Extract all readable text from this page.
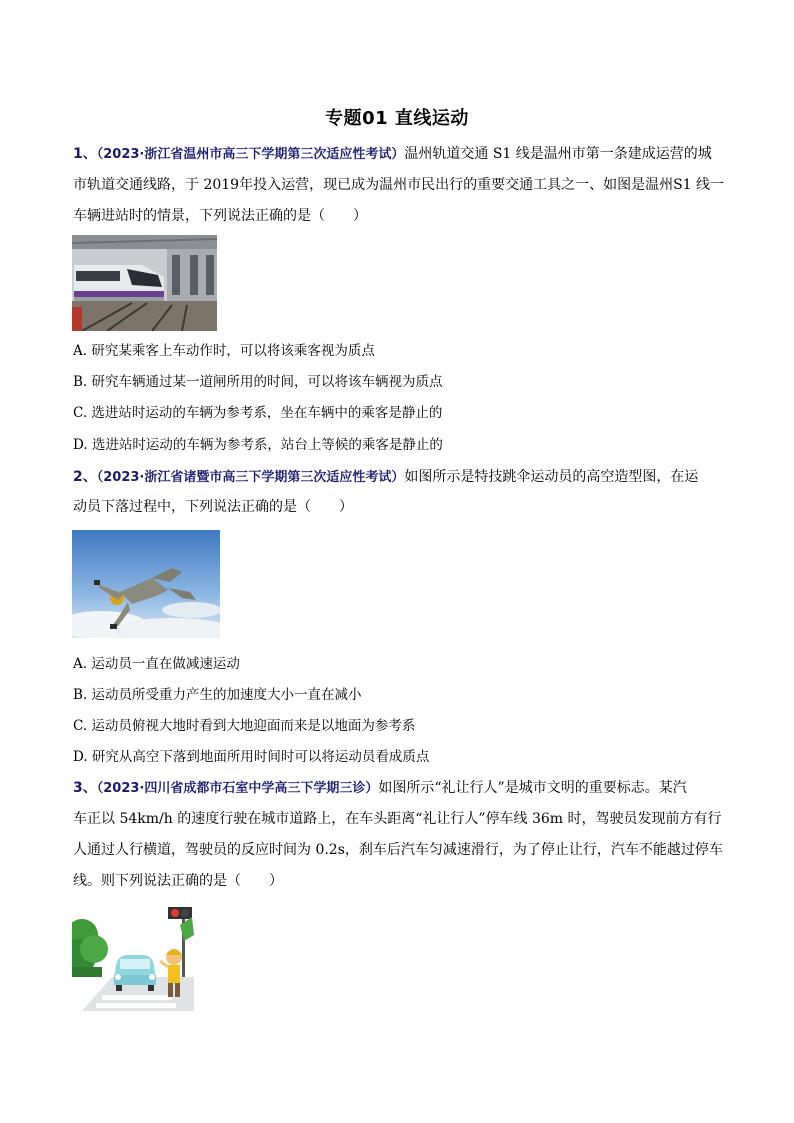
专题01 直线运动
1、（2023·浙江省温州市高三下学期第三次适应性考试）温州轨道交通 S1 线是温州市第一条建成运营的城
市轨道交通线路，于 2019年投入运营，现已成为温州市民出行的重要交通工具之一、如图是温州S1 线一
车辆进站时的情景，下列说法正确的是（　　）
A. 研究某乘客上车动作时，可以将该乘客视为质点
B. 研究车辆通过某一道闸所用的时间，可以将该车辆视为质点
C. 选进站时运动的车辆为参考系，坐在车辆中的乘客是静止的
D. 选进站时运动的车辆为参考系，站台上等候的乘客是静止的
2、（2023·浙江省诸暨市高三下学期第三次适应性考试）如图所示是特技跳伞运动员的高空造型图，在运
动员下落过程中，下列说法正确的是（　　）
A. 运动员一直在做减速运动
B. 运动员所受重力产生的加速度大小一直在减小
C. 运动员俯视大地时看到大地迎面而来是以地面为参考系
D. 研究从高空下落到地面所用时间时可以将运动员看成质点
3、（2023·四川省成都市石室中学高三下学期三诊）如图所示“礼让行人”是城市文明的重要标志。某汽
车正以 54km/h 的速度行驶在城市道路上，在车头距离“礼让行人”停车线 36m 时，驾驶员发现前方有行
人通过人行横道，驾驶员的反应时间为 0.2s，刹车后汽车匀减速滑行，为了停止让行，汽车不能越过停车
线。则下列说法正确的是（　　）
